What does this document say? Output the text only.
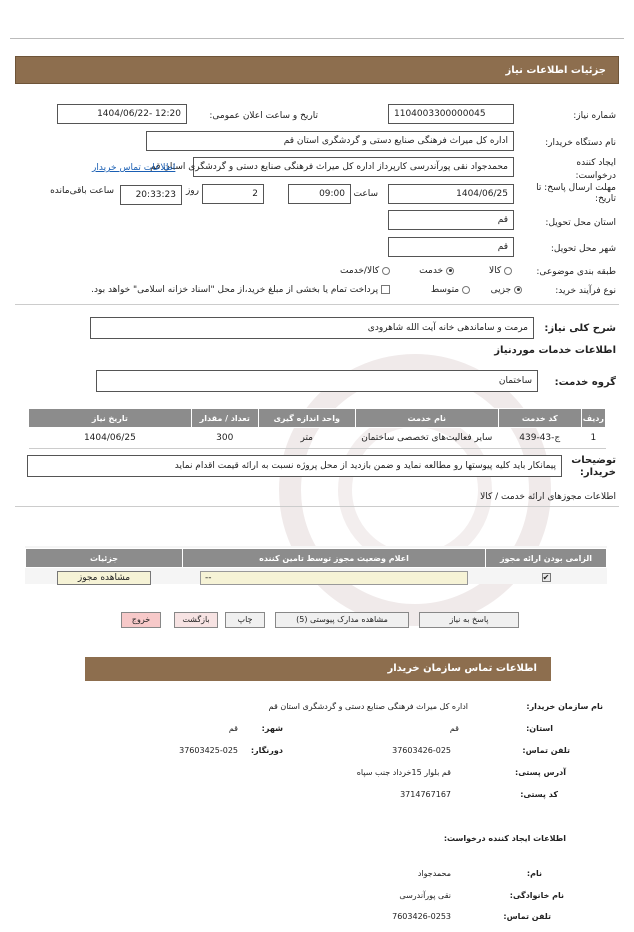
جزئیات اطلاعات نیاز
شماره نیاز:
1104003300000045
تاریخ و ساعت اعلان عمومی:
1404/06/22- 12:20
نام دستگاه خریدار:
اداره کل میراث فرهنگی صنایع دستی و گردشگری استان قم
ایجاد کننده درخواست:
محمدجواد نقی پورآندرسی کارپرداز اداره کل میراث فرهنگی صنایع دستی و گردشگری استان قم
اطلاعات تماس خریدار
مهلت ارسال پاسخ: تا تاریخ:
1404/06/25
ساعت
09:00
2
روز
20:33:23
ساعت باقی‌مانده
استان محل تحویل:
قم
شهر محل تحویل:
قم
طبقه بندی موضوعی:
کالا
خدمت
کالا/خدمت
نوع فرآیند خرید:
جزیی
متوسط
پرداخت تمام یا بخشی از مبلغ خرید،از محل "اسناد خزانه اسلامی" خواهد بود.
شرح کلی نیاز:
مرمت و ساماندهی خانه آیت الله شاهرودی
اطلاعات خدمات موردنیاز
گروه خدمت:
ساختمان
ردیف	کد خدمت	نام خدمت	واحد اندازه گیری	تعداد / مقدار	تاریخ نیاز
1	ج-43-439	سایر فعالیت‌های تخصصی ساختمان	متر	300	1404/06/25
توضیحات خریدار:
پیمانکار باید کلیه پیوستها رو مطالعه نماید و ضمن بازدید از محل پروژه نسبت به ارائه قیمت اقدام نماید
اطلاعات مجوزهای ارائه خدمت / کالا
الزامی بودن ارائه مجوز	اعلام وضعیت مجوز توسط تامین کننده	جزئیات
✔	--	مشاهده مجوز
پاسخ به نیاز
مشاهده مدارک پیوستی (5)
چاپ
بازگشت
خروج
اطلاعات تماس سازمان خریدار
نام سازمان خریدار:
اداره کل میراث فرهنگی صنایع دستی و گردشگری استان قم
استان:
قم
شهر:
قم
تلفن تماس:
37603426-025
دورنگار:
37603425-025
آدرس پستی:
قم بلوار 15خرداد جنب سپاه
کد پستی:
3714767167
اطلاعات ایجاد کننده درخواست:
نام:
محمدجواد
نام خانوادگی:
نقی پورآندرسی
تلفن تماس:
7603426-0253
